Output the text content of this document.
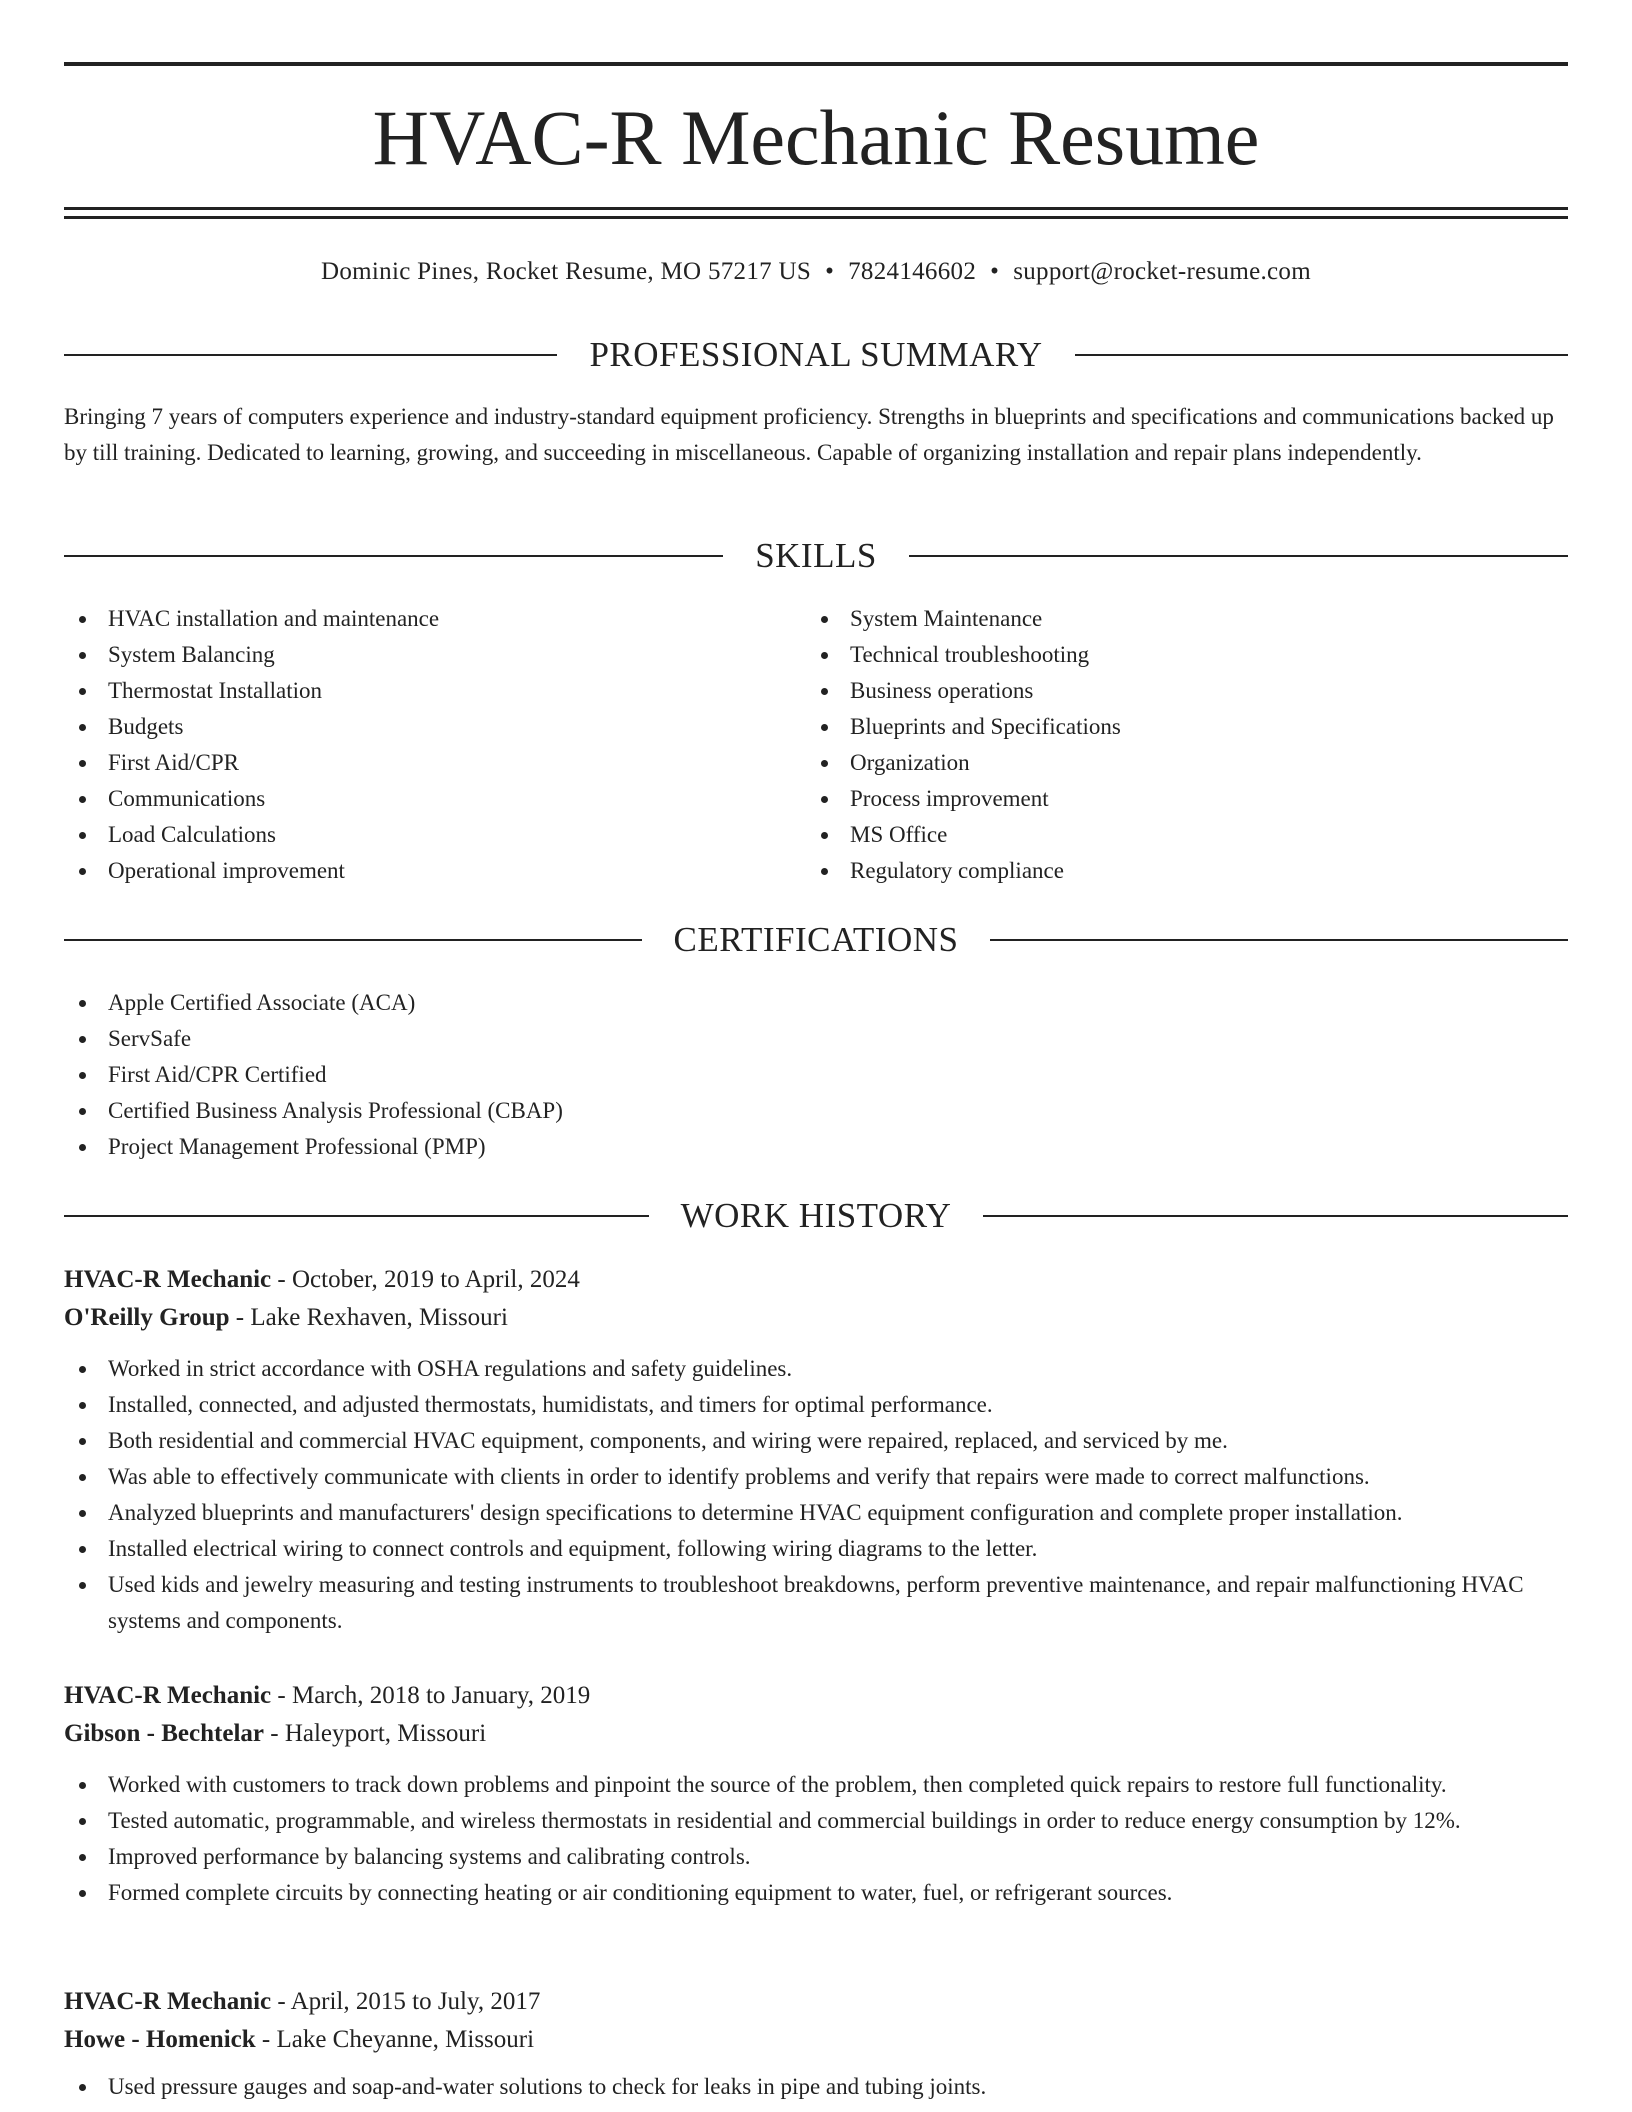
HVAC-R Mechanic Resume
Dominic Pines, Rocket Resume, MO 57217 US • 7824146602 • support@rocket-resume.com
PROFESSIONAL SUMMARY

Bringing 7 years of computers experience and industry-standard equipment proficiency. Strengths in blueprints and specifications and communications backed up by till training. Dedicated to learning, growing, and succeeding in miscellaneous. Capable of organizing installation and repair plans independently.

SKILLS
HVAC installation and maintenance
System Balancing
Thermostat Installation
Budgets
First Aid/CPR
Communications
Load Calculations
Operational improvement
System Maintenance
Technical troubleshooting
Business operations
Blueprints and Specifications
Organization
Process improvement
MS Office
Regulatory compliance
CERTIFICATIONS
Apple Certified Associate (ACA)
ServSafe
First Aid/CPR Certified
Certified Business Analysis Professional (CBAP)
Project Management Professional (PMP)
WORK HISTORY
HVAC-R Mechanic - October, 2019 to April, 2024
O'Reilly Group - Lake Rexhaven, Missouri
Worked in strict accordance with OSHA regulations and safety guidelines.
Installed, connected, and adjusted thermostats, humidistats, and timers for optimal performance.
Both residential and commercial HVAC equipment, components, and wiring were repaired, replaced, and serviced by me.
Was able to effectively communicate with clients in order to identify problems and verify that repairs were made to correct malfunctions.
Analyzed blueprints and manufacturers' design specifications to determine HVAC equipment configuration and complete proper installation.
Installed electrical wiring to connect controls and equipment, following wiring diagrams to the letter.
Used kids and jewelry measuring and testing instruments to troubleshoot breakdowns, perform preventive maintenance, and repair malfunctioning HVAC systems and components.
HVAC-R Mechanic - March, 2018 to January, 2019
Gibson - Bechtelar - Haleyport, Missouri
Worked with customers to track down problems and pinpoint the source of the problem, then completed quick repairs to restore full functionality.
Tested automatic, programmable, and wireless thermostats in residential and commercial buildings in order to reduce energy consumption by 12%.
Improved performance by balancing systems and calibrating controls.
Formed complete circuits by connecting heating or air conditioning equipment to water, fuel, or refrigerant sources.
HVAC-R Mechanic - April, 2015 to July, 2017
Howe - Homenick - Lake Cheyanne, Missouri
Used pressure gauges and soap-and-water solutions to check for leaks in pipe and tubing joints.
